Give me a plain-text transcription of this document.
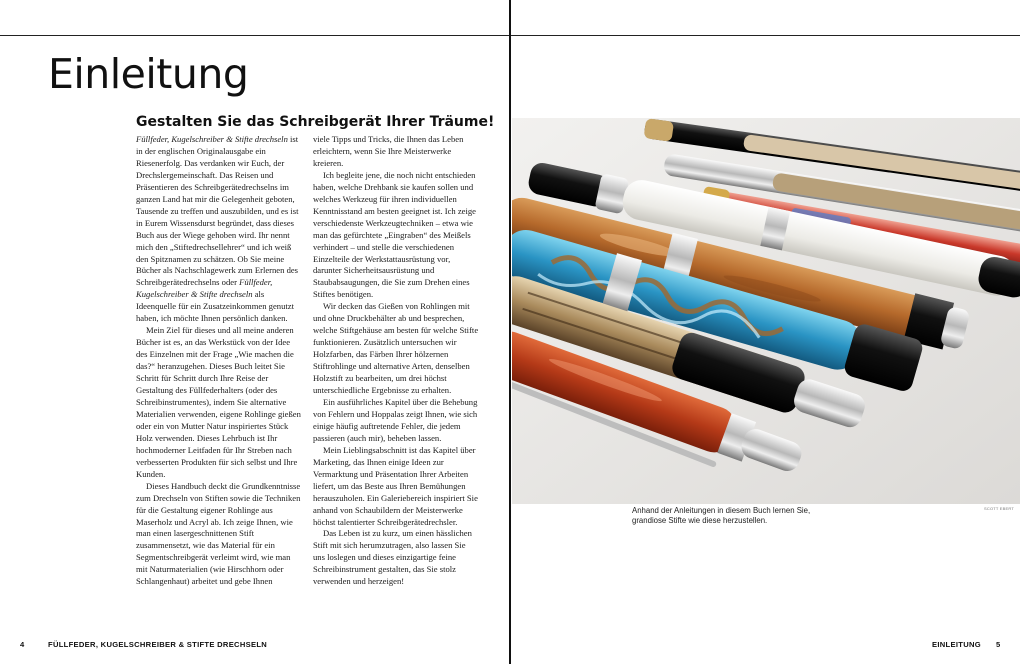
Einleitung
Gestalten Sie das Schreibgerät Ihrer Träume!

Füllfeder, Kugelschreiber & Stifte drechseln ist in der englischen Originalausgabe ein Riesenerfolg. Das verdanken wir Euch, der Drechslergemeinschaft. Das Reisen und Präsentieren des Schreibgerätedrechselns im ganzen Land hat mir die Gelegenheit geboten, Tausende zu treffen und auszubilden, und es ist in Eurem Wissensdurst begründet, dass dieses Buch aus der Wiege gehoben wird. Ihr nennt mich den „Stiftedrechsellehrer“ und ich weiß den Spitznamen zu schätzen. Ob Sie meine Bücher als Nachschlagewerk zum Erlernen des Schreibgerätedrechselns oder Füllfeder, Kugelschreiber & Stifte drechseln als Ideenquelle für ein Zusatzeinkommen genutzt haben, ich möchte Ihnen persönlich danken.

Mein Ziel für dieses und all meine anderen Bücher ist es, an das Werkstück von der Idee des Einzelnen mit der Frage „Wie machen die das?“ heranzugehen. Dieses Buch leitet Sie Schritt für Schritt durch Ihre Reise der Gestaltung des Füllfederhalters (oder des Schreibinstrumentes), indem Sie alternative Materialien verwenden, eigene Rohlinge gießen oder ein von Mutter Natur inspiriertes Stück Holz verwenden. Dieses Lehrbuch ist Ihr hochmoderner Leitfaden für Ihr Streben nach verbesserten Produkten für sich selbst und Ihre Kunden.

Dieses Handbuch deckt die Grundkenntnisse zum Drechseln von Stiften sowie die Techniken für die Gestaltung eigener Rohlinge aus Maserholz und Acryl ab. Ich zeige Ihnen, wie man einen lasergeschnittenen Stift zusammensetzt, wie das Material für ein Segmentschreibgerät verleimt wird, wie man mit Naturmaterialien (wie Hirschhorn oder Schlangenhaut) arbeitet und gebe Ihnen

viele Tipps und Tricks, die Ihnen das Leben erleichtern, wenn Sie Ihre Meisterwerke kreieren.

Ich begleite jene, die noch nicht entschieden haben, welche Drehbank sie kaufen sollen und welches Werkzeug für ihren individuellen Kenntnisstand am besten geeignet ist. Ich zeige verschiedenste Werkzeugtechniken – etwa wie man das gefürchtete „Eingraben“ des Meißels verhindert – und stelle die verschiedenen Einzelteile der Werkstattausrüstung vor, darunter Sicherheitsausrüstung und Staubabsaugungen, die Sie zum Drehen eines Stiftes benötigen.

Wir decken das Gießen von Rohlingen mit und ohne Druckbehälter ab und besprechen, welche Stiftgehäuse am besten für welche Stifte funktionieren. Zusätzlich untersuchen wir Holzfarben, das Färben Ihrer hölzernen Stiftrohlinge und alternative Arten, denselben Holzstift zu bearbeiten, um drei höchst unterschiedliche Ergebnisse zu erhalten.

Ein ausführliches Kapitel über die Behebung von Fehlern und Hoppalas zeigt Ihnen, wie sich einige häufig auftretende Fehler, die jedem passieren (auch mir), beheben lassen.

Mein Lieblingsabschnitt ist das Kapitel über Marketing, das Ihnen einige Ideen zur Vermarktung und Präsentation Ihrer Arbeiten liefert, um das Beste aus Ihren Bemühungen herauszuholen. Ein Galeriebereich inspiriert Sie anhand von Schaubildern der Meisterwerke höchst talentierter Schreibgerätedrechsler.

Das Leben ist zu kurz, um einen hässlichen Stift mit sich herumzutragen, also lassen Sie uns loslegen und dieses einzigartige feine Schreibinstrument gestalten, das Sie stolz verwenden und herzeigen!

Anhand der Anleitungen in diesem Buch lernen Sie, grandiose Stifte wie diese herzustellen.
SCOTT EBERT
4	FÜLLFEDER, KUGELSCHREIBER & STIFTE DRECHSELN	EINLEITUNG 5
